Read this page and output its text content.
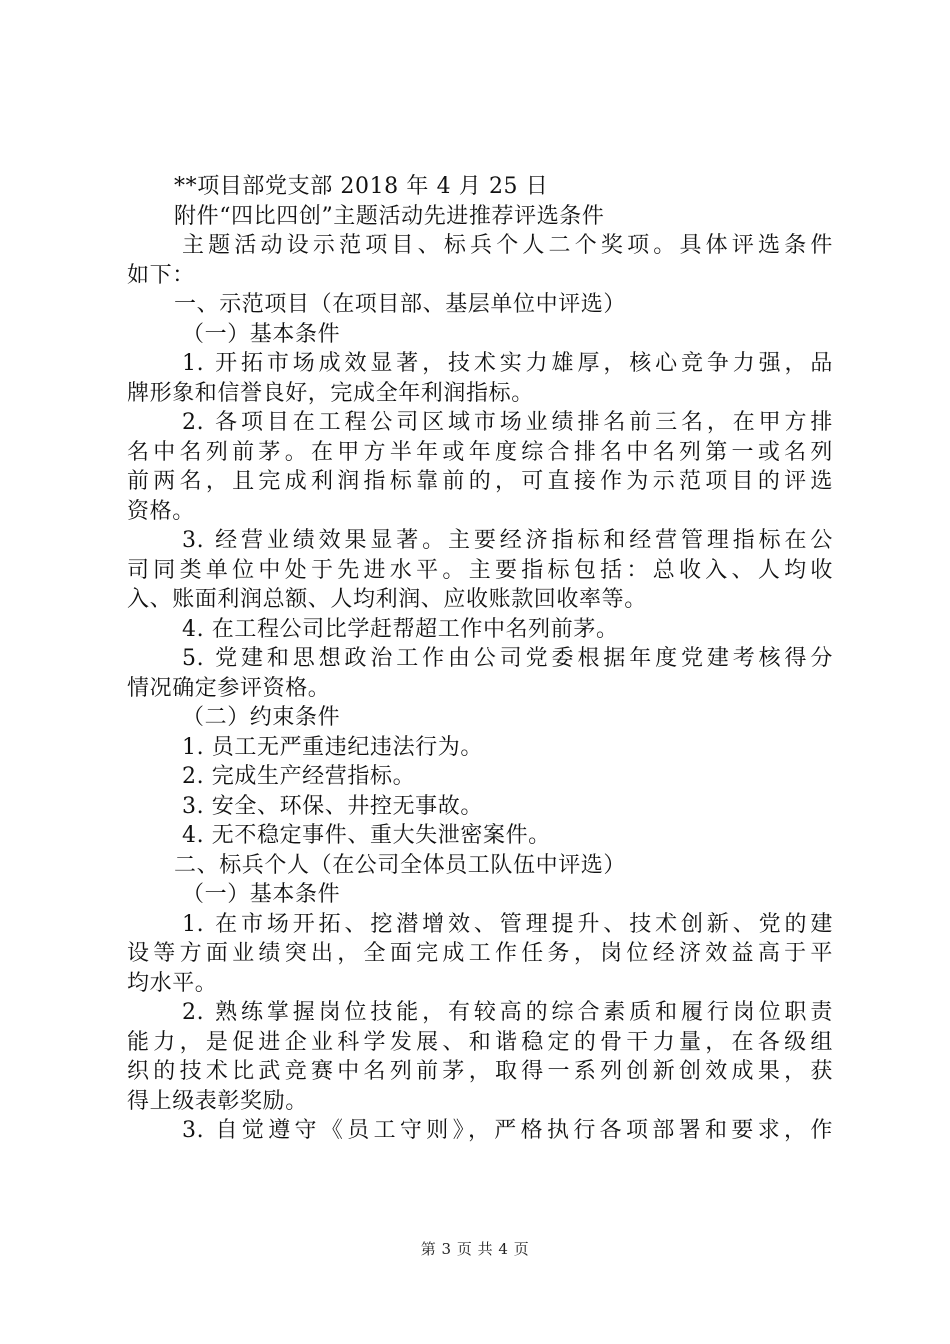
**项目部党支部 2018 年 4 月 25 日
附件“四比四创”主题活动先进推荐评选条件
主题活动设示范项目、标兵个人二个奖项。具体评选条件
如下：
一、示范项目（在项目部、基层单位中评选）
（一）基本条件
1. 开拓市场成效显著，技术实力雄厚，核心竞争力强，品
牌形象和信誉良好，完成全年利润指标。
2. 各项目在工程公司区域市场业绩排名前三名，在甲方排
名中名列前茅。在甲方半年或年度综合排名中名列第一或名列
前两名，且完成利润指标靠前的，可直接作为示范项目的评选
资格。
3. 经营业绩效果显著。主要经济指标和经营管理指标在公
司同类单位中处于先进水平。主要指标包括：总收入、人均收
入、账面利润总额、人均利润、应收账款回收率等。
4. 在工程公司比学赶帮超工作中名列前茅。
5. 党建和思想政治工作由公司党委根据年度党建考核得分
情况确定参评资格。
（二）约束条件
1. 员工无严重违纪违法行为。
2. 完成生产经营指标。
3. 安全、环保、井控无事故。
4. 无不稳定事件、重大失泄密案件。
二、标兵个人（在公司全体员工队伍中评选）
（一）基本条件
1. 在市场开拓、挖潜增效、管理提升、技术创新、党的建
设等方面业绩突出，全面完成工作任务，岗位经济效益高于平
均水平。
2. 熟练掌握岗位技能，有较高的综合素质和履行岗位职责
能力，是促进企业科学发展、和谐稳定的骨干力量，在各级组
织的技术比武竞赛中名列前茅，取得一系列创新创效成果，获
得上级表彰奖励。
3. 自觉遵守《员工守则》，严格执行各项部署和要求，作
第 3 页 共 4 页
